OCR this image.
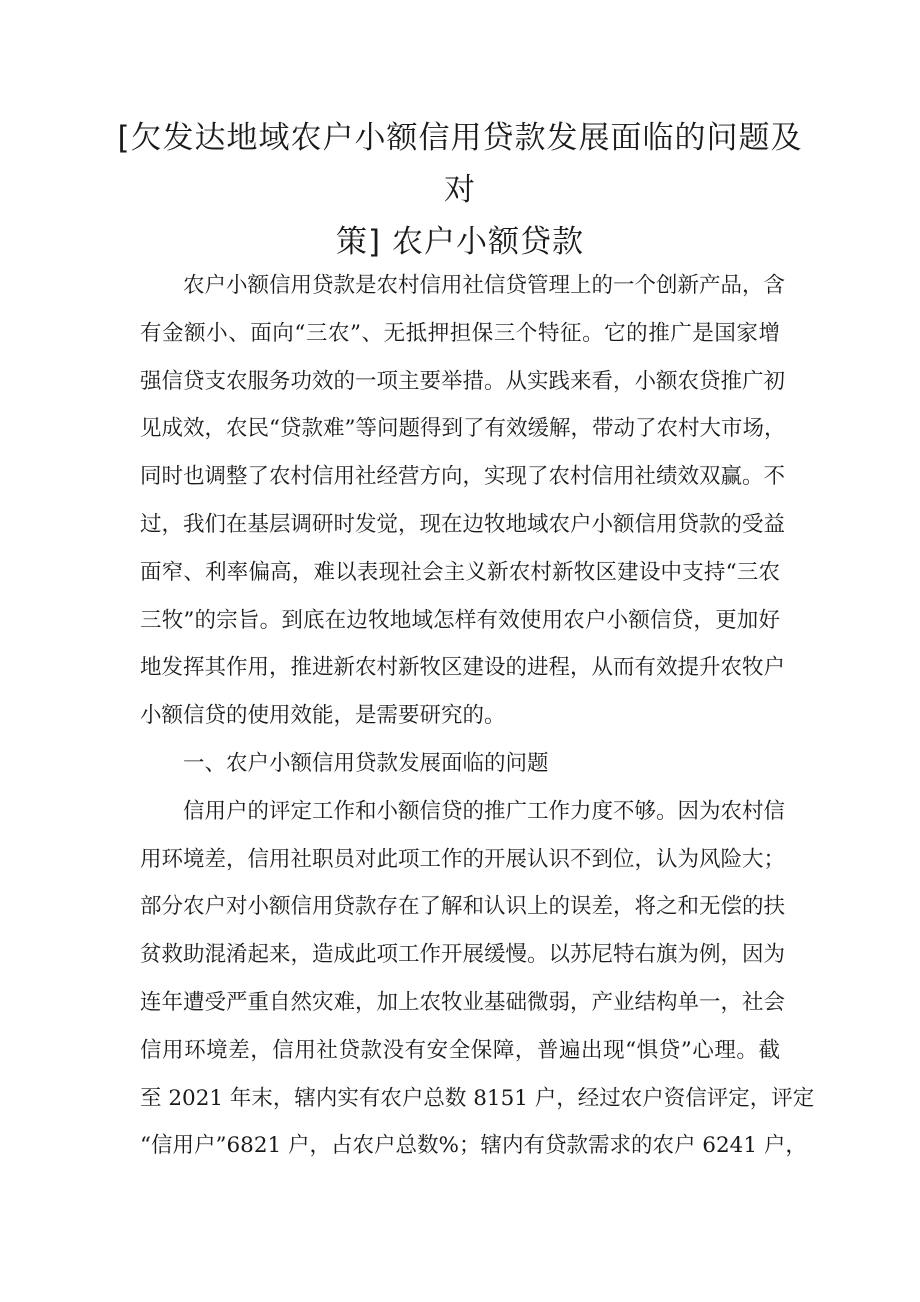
[欠发达地域农户小额信用贷款发展面临的问题及对
策] 农户小额贷款
农户小额信用贷款是农村信用社信贷管理上的一个创新产品，含
有金额小、面向“三农”、无抵押担保三个特征。它的推广是国家增
强信贷支农服务功效的一项主要举措。从实践来看，小额农贷推广初
见成效，农民“贷款难”等问题得到了有效缓解，带动了农村大市场，
同时也调整了农村信用社经营方向，实现了农村信用社绩效双赢。不
过，我们在基层调研时发觉，现在边牧地域农户小额信用贷款的受益
面窄、利率偏高，难以表现社会主义新农村新牧区建设中支持“三农
三牧”的宗旨。到底在边牧地域怎样有效使用农户小额信贷，更加好
地发挥其作用，推进新农村新牧区建设的进程，从而有效提升农牧户
小额信贷的使用效能，是需要研究的。
一、农户小额信用贷款发展面临的问题
信用户的评定工作和小额信贷的推广工作力度不够。因为农村信
用环境差，信用社职员对此项工作的开展认识不到位，认为风险大；
部分农户对小额信用贷款存在了解和认识上的误差，将之和无偿的扶
贫救助混淆起来，造成此项工作开展缓慢。以苏尼特右旗为例，因为
连年遭受严重自然灾难，加上农牧业基础微弱，产业结构单一，社会
信用环境差，信用社贷款没有安全保障，普遍出现“惧贷”心理。截
至 2021 年末，辖内实有农户总数 8151 户，经过农户资信评定，评定
“信用户”6821 户，占农户总数%；辖内有贷款需求的农户 6241 户，
